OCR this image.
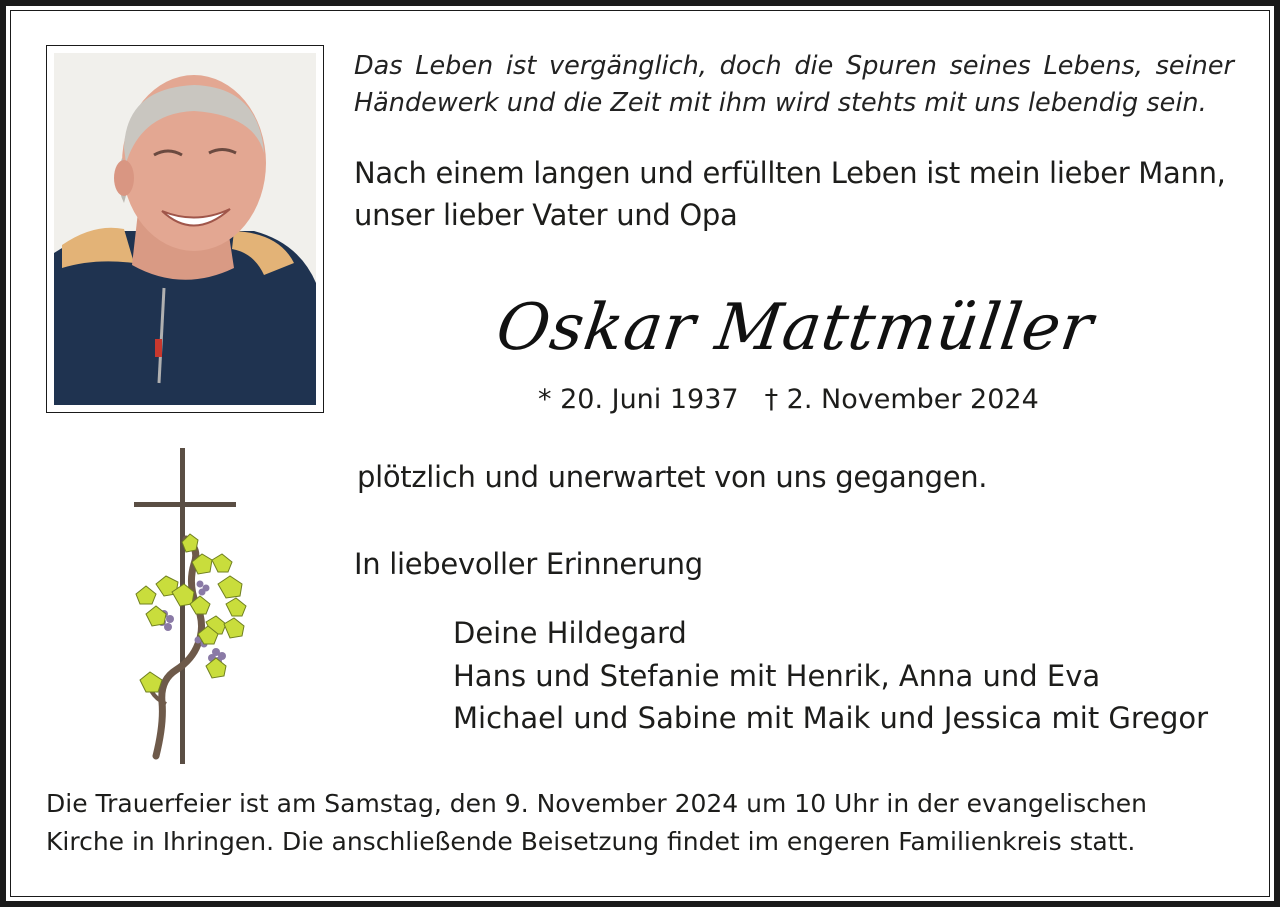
Das Leben ist vergänglich, doch die Spuren seines Lebens, seiner
Händewerk und die Zeit mit ihm wird stehts mit uns lebendig sein.
Nach einem langen und erfüllten Leben ist mein lieber Mann,
unser lieber Vater und Opa
Oskar Mattmüller
* 20. Juni 1937 † 2. November 2024
plötzlich und unerwartet von uns gegangen.
In liebevoller Erinnerung
Deine Hildegard
Hans und Stefanie mit Henrik, Anna und Eva
Michael und Sabine mit Maik und Jessica mit Gregor
Die Trauerfeier ist am Samstag, den 9. November 2024 um 10 Uhr in der evangelischen
Kirche in Ihringen. Die anschließende Beisetzung findet im engeren Familienkreis statt.
